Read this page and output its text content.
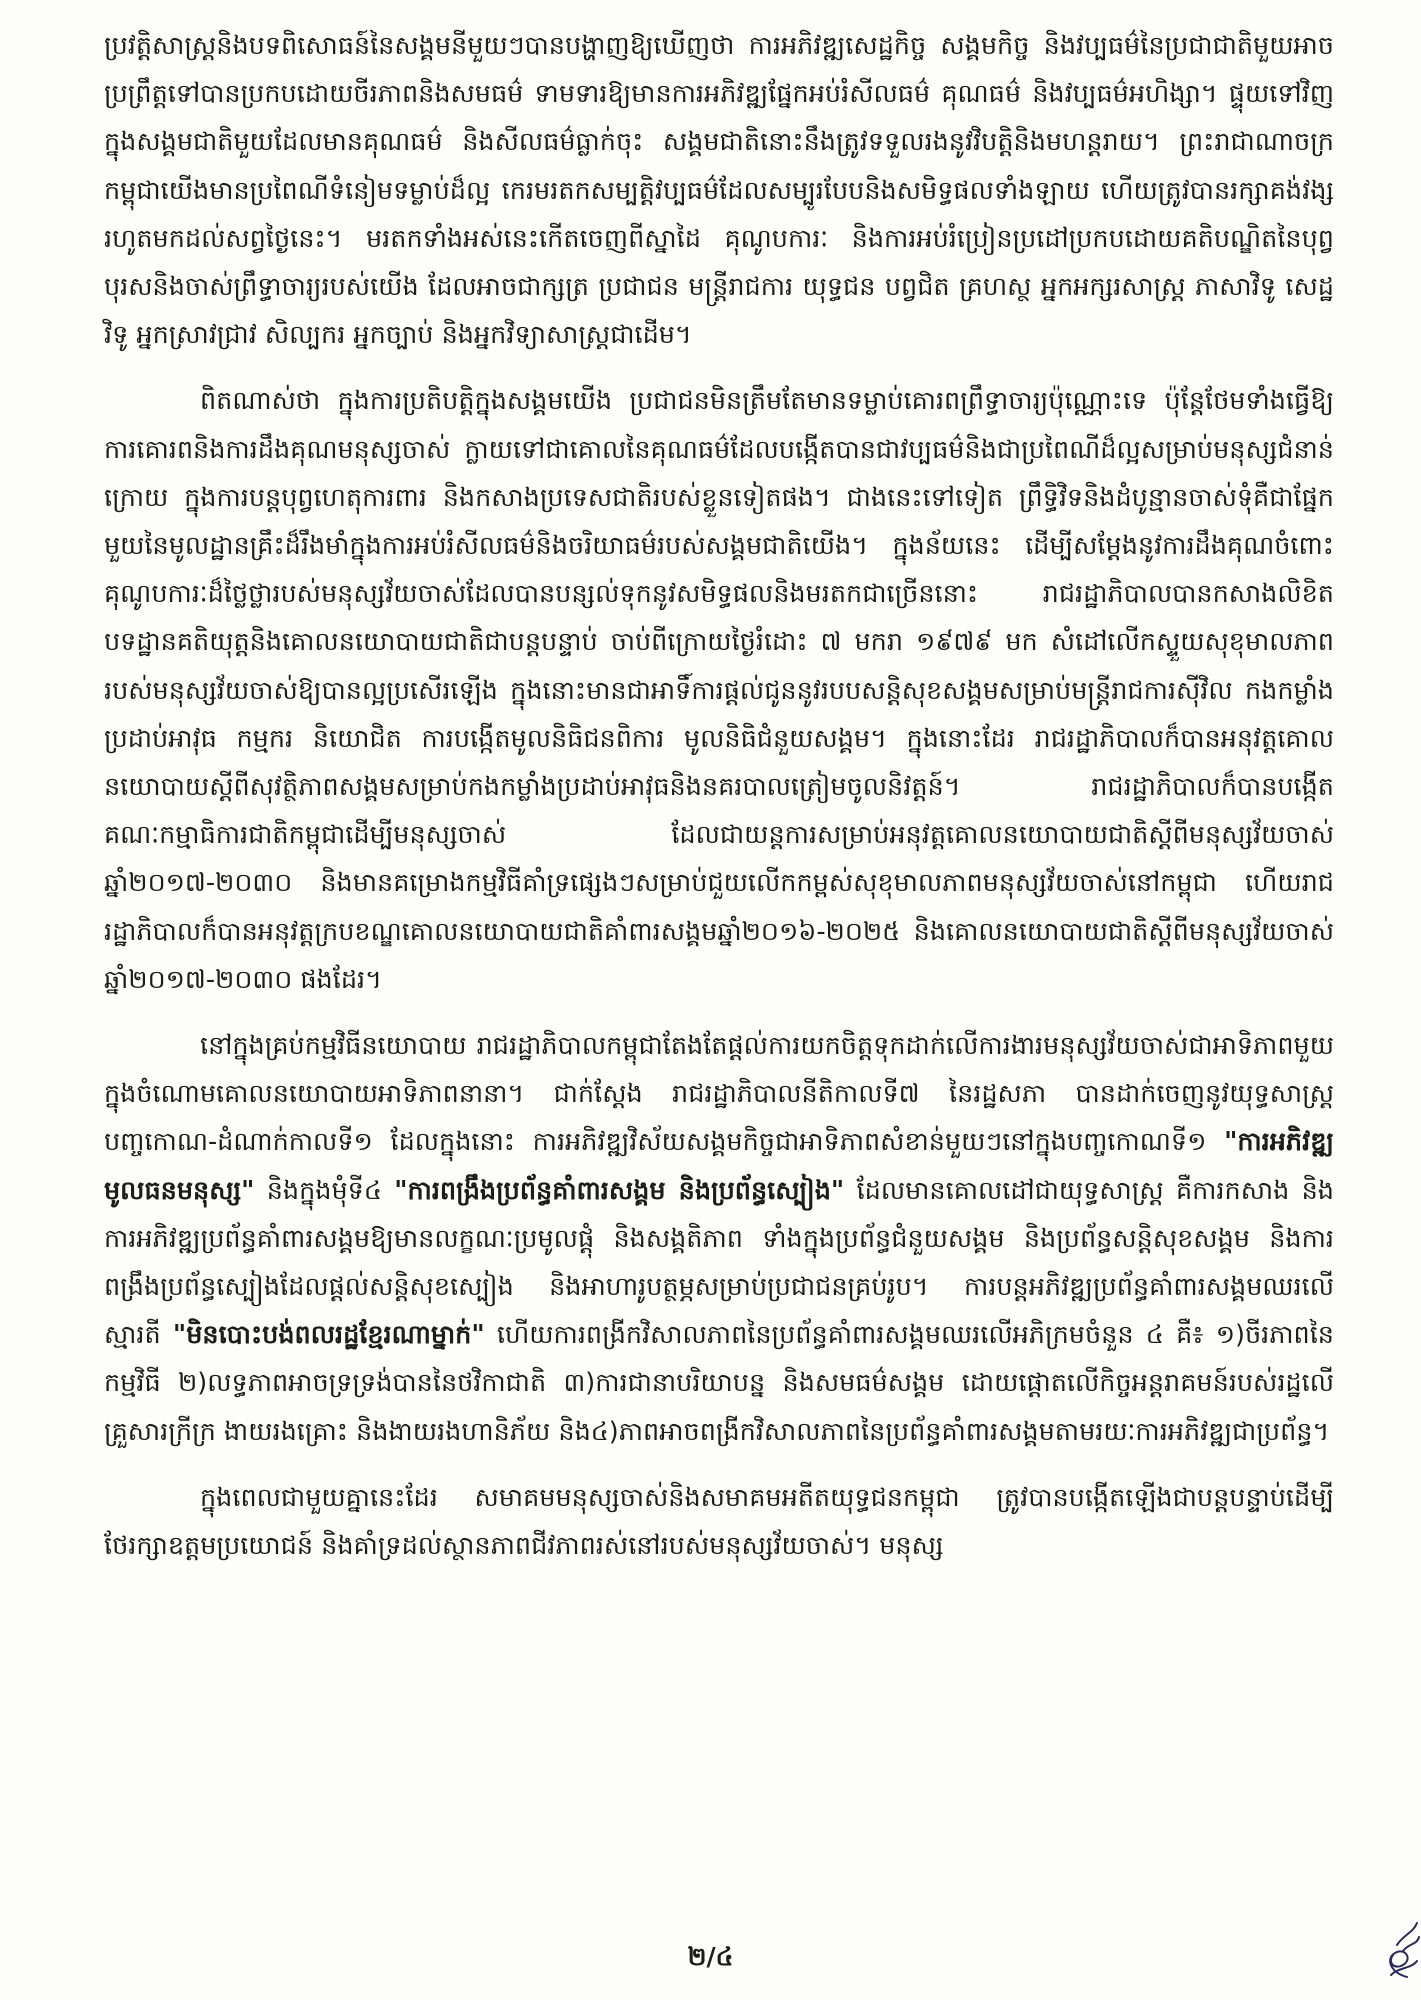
ប្រវត្តិសាស្ត្រនិងបទពិសោធន៍នៃសង្គមនីមួយៗបានបង្ហាញឱ្យឃើញថា ការអភិវឌ្ឍសេដ្ឋកិច្ច សង្គមកិច្ច និងវប្បធម៌នៃប្រជាជាតិមួយអាចប្រព្រឹត្តទៅបានប្រកបដោយចីរភាពនិងសមធម៌ ទាមទារឱ្យមានការអភិវឌ្ឍផ្នែកអប់រំសីលធម៌ គុណធម៌ និងវប្បធម៌អហិង្សា។ ផ្ទុយទៅវិញ ក្នុងសង្គមជាតិមួយដែលមានគុណធម៌ និងសីលធម៌ធ្លាក់ចុះ សង្គមជាតិនោះនឹងត្រូវទទួលរងនូវវិបត្តិនិងមហន្តរាយ។ ព្រះរាជាណាចក្រកម្ពុជាយើងមានប្រពៃណីទំនៀមទម្លាប់ដ៏ល្អ កេរមរតកសម្បត្តិវប្បធម៌ដែលសម្បូរបែបនិងសមិទ្ធផលទាំងឡាយ ហើយត្រូវបានរក្សាគង់វង្សរហូតមកដល់សព្វថ្ងៃនេះ។ មរតកទាំងអស់នេះកើតចេញពីស្នាដៃ គុណូបការៈ និងការអប់រំប្រៀនប្រដៅប្រកបដោយគតិបណ្ឌិតនៃបុព្វបុរសនិងចាស់ព្រឹទ្ធាចារ្យរបស់យើង ដែលអាចជាក្សត្រ ប្រជាជន មន្ត្រីរាជការ យុទ្ធជន បព្វជិត គ្រហស្ថ អ្នកអក្សរសាស្ត្រ ភាសាវិទូ សេដ្ឋវិទូ អ្នកស្រាវជ្រាវ សិល្បករ អ្នកច្បាប់ និងអ្នកវិទ្យាសាស្ត្រជាដើម។

ពិតណាស់ថា ក្នុងការប្រតិបត្តិក្នុងសង្គមយើង ប្រជាជនមិនត្រឹមតែមានទម្លាប់គោរពព្រឹទ្ធាចារ្យប៉ុណ្ណោះទេ ប៉ុន្តែថែមទាំងធ្វើឱ្យការគោរពនិងការដឹងគុណមនុស្សចាស់ ក្លាយទៅជាគោលនៃគុណធម៌ដែលបង្កើតបានជាវប្បធម៌និងជាប្រពៃណីដ៏ល្អសម្រាប់មនុស្សជំនាន់ក្រោយ ក្នុងការបន្តបុព្វហេតុការពារ និងកសាងប្រទេសជាតិរបស់ខ្លួនទៀតផង។ ជាងនេះទៅទៀត ព្រឹទ្ធិវិទនិងដំបូន្មានចាស់ទុំគឺជាផ្នែកមួយនៃមូលដ្ឋានគ្រឹះដ៏រឹងមាំក្នុងការអប់រំសីលធម៌និងចរិយាធម៌របស់សង្គមជាតិយើង។ ក្នុងន័យនេះ ដើម្បីសម្តែងនូវការដឹងគុណចំពោះគុណូបការៈដ៏ថ្លៃថ្លារបស់មនុស្សវ័យចាស់ដែលបានបន្សល់ទុកនូវសមិទ្ធផលនិងមរតកជាច្រើននោះ រាជរដ្ឋាភិបាលបានកសាងលិខិតបទដ្ឋានគតិយុត្តនិងគោលនយោបាយជាតិជាបន្តបន្ទាប់ ចាប់ពីក្រោយថ្ងៃរំដោះ ៧ មករា ១៩៧៩ មក សំដៅលើកស្ទួយសុខុមាលភាពរបស់មនុស្សវ័យចាស់ឱ្យបានល្អប្រសើរឡើង ក្នុងនោះមានជាអាទិ៍ការផ្តល់ជូននូវរបបសន្តិសុខសង្គមសម្រាប់មន្ត្រីរាជការស៊ីវិល កងកម្លាំងប្រដាប់អាវុធ កម្មករ និយោជិត ការបង្កើតមូលនិធិជនពិការ មូលនិធិជំនួយសង្គម។ ក្នុងនោះដែរ រាជរដ្ឋាភិបាលក៏បានអនុវត្តគោលនយោបាយស្តីពីសុវត្ថិភាពសង្គមសម្រាប់កងកម្លាំងប្រដាប់អាវុធនិងនគរបាលត្រៀមចូលនិវត្តន៍។ រាជរដ្ឋាភិបាលក៏បានបង្កើតគណៈកម្មាធិការជាតិកម្ពុជាដើម្បីមនុស្សចាស់ ដែលជាយន្តការសម្រាប់អនុវត្តគោលនយោបាយជាតិស្តីពីមនុស្សវ័យចាស់ឆ្នាំ២០១៧-២០៣០ និងមានគម្រោងកម្មវិធីគាំទ្រផ្សេងៗសម្រាប់ជួយលើកកម្ពស់សុខុមាលភាពមនុស្សវ័យចាស់នៅកម្ពុជា ហើយរាជរដ្ឋាភិបាលក៏បានអនុវត្តក្របខណ្ឌគោលនយោបាយជាតិគាំពារសង្គមឆ្នាំ២០១៦-២០២៥ និងគោលនយោបាយជាតិស្តីពីមនុស្សវ័យចាស់ឆ្នាំ២០១៧-២០៣០ ផងដែរ។

នៅក្នុងគ្រប់កម្មវិធីនយោបាយ រាជរដ្ឋាភិបាលកម្ពុជាតែងតែផ្តល់ការយកចិត្តទុកដាក់លើការងារមនុស្សវ័យចាស់ជាអាទិភាពមួយក្នុងចំណោមគោលនយោបាយអាទិភាពនានា។ ជាក់ស្តែង រាជរដ្ឋាភិបាលនីតិកាលទី៧ នៃរដ្ឋសភា បានដាក់ចេញនូវយុទ្ធសាស្ត្របញ្ចកោណ-ដំណាក់កាលទី១ ដែលក្នុងនោះ ការអភិវឌ្ឍវិស័យសង្គមកិច្ចជាអាទិភាពសំខាន់មួយៗនៅក្នុងបញ្ចកោណទី១ "ការអភិវឌ្ឍមូលធនមនុស្ស" និងក្នុងមុំទី៤ "ការពង្រឹងប្រព័ន្ធគាំពារសង្គម និងប្រព័ន្ធស្បៀង" ដែលមានគោលដៅជាយុទ្ធសាស្ត្រ គឺការកសាង និងការអភិវឌ្ឍប្រព័ន្ធគាំពារសង្គមឱ្យមានលក្ខណៈប្រមូលផ្តុំ និងសង្គតិភាព ទាំងក្នុងប្រព័ន្ធជំនួយសង្គម និងប្រព័ន្ធសន្តិសុខសង្គម និងការពង្រឹងប្រព័ន្ធស្បៀងដែលផ្តល់សន្តិសុខស្បៀង និងអាហារូបត្ថម្ភសម្រាប់ប្រជាជនគ្រប់រូប។ ការបន្តអភិវឌ្ឍប្រព័ន្ធគាំពារសង្គមឈរលើស្មារតី "មិនបោះបង់ពលរដ្ឋខ្មែរណាម្នាក់" ហើយការពង្រីកវិសាលភាពនៃប្រព័ន្ធគាំពារសង្គមឈរលើអភិក្រមចំនួន ៤ គឺ៖ ១)ចីរភាពនៃកម្មវិធី ២)លទ្ធភាពអាចទ្រទ្រង់បាននៃថវិកាជាតិ ៣)ការជានាបរិយាបន្ន និងសមធម៌សង្គម ដោយផ្តោតលើកិច្ចអន្តរាគមន៍របស់រដ្ឋលើគ្រួសារក្រីក្រ ងាយរងគ្រោះ និងងាយរងហានិភ័យ និង៤)ភាពអាចពង្រីកវិសាលភាពនៃប្រព័ន្ធគាំពារសង្គមតាមរយៈការអភិវឌ្ឍជាប្រព័ន្ធ។

ក្នុងពេលជាមួយគ្នានេះដែរ សមាគមមនុស្សចាស់និងសមាគមអតីតយុទ្ធជនកម្ពុជា ត្រូវបានបង្កើតឡើងជាបន្តបន្ទាប់ដើម្បីថែរក្សាឧត្តមប្រយោជន៍ និងគាំទ្រដល់ស្ថានភាពជីវភាពរស់នៅរបស់មនុស្សវ័យចាស់។ មនុស្ស

២/៤
